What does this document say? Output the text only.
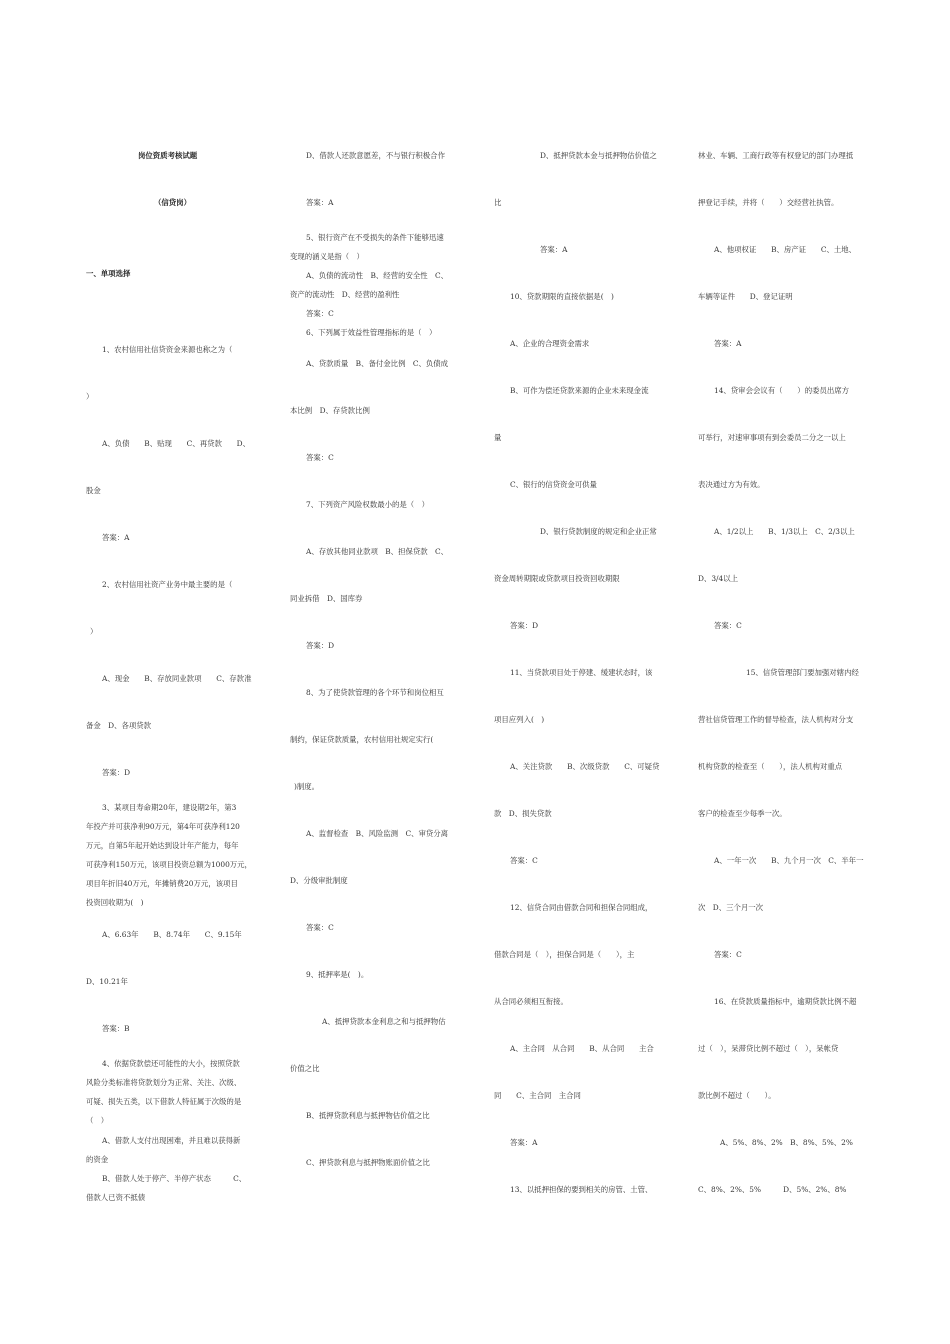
岗位资质考核试题
（信贷岗）
一、单项选择
1、农村信用社信贷资金来源也称之为（
）
A、负债　　B、贴现　　C、再贷款　　D、
股金
答案：A
2、农村信用社资产业务中最主要的是（
）
A、现金　　B、存放同业款项　　C、存款准
备金　D、各项贷款
答案：D
3、某项目寿命期20年，建设期2年，第3
年投产并可获净利90万元，第4年可获净利120
万元，自第5年起开始达到设计年产能力，每年
可获净利150万元，该项目投资总额为1000万元，
项目年折旧40万元，年摊销费20万元，该项目
投资回收期为(　)
A、6.63年　　B、8.74年　　C、9.15年
D、10.21年
答案：B
4、依据贷款偿还可能性的大小，按照贷款
风险分类标准将贷款划分为正常、关注、次级、
可疑、损失五类，以下借款人特征属于次级的是
（　）
A、借款人支付出现困难，并且难以获得新
的资金
B、借款人处于停产、半停产状态　　　C、
借款人已资不抵债
D、借款人还款意愿差，不与银行积极合作
答案：A
5、银行资产在不受损失的条件下能够迅速
变现的涵义是指（　）
A、负债的流动性　B、经营的安全性　C、
资产的流动性　D、经营的盈利性
答案：C
6、下列属于效益性管理指标的是（　）
A、贷款质量　B、备付金比例　C、负债成
本比例　D、存贷款比例
答案：C
7、下列资产风险权数最小的是（　）
A、存放其他同业款项　B、担保贷款　C、
同业拆借　D、国库券
答案：D
8、为了使贷款管理的各个环节和岗位相互
制约，保证贷款质量，农村信用社规定实行(
)制度。
A、监督检查　B、风险监测　C、审贷分离
D、分级审批制度
答案：C
9、抵押率是(　)。
A、抵押贷款本金利息之和与抵押物估
价值之比
B、抵押贷款利息与抵押物估价值之比
C、押贷款利息与抵押物账面价值之比
D、抵押贷款本金与抵押物估价值之
比
答案：A
10、贷款期限的直接依据是(　)
A、企业的合理资金需求
B、可作为偿还贷款来源的企业未来现金流
量
C、银行的信贷资金可供量
D、银行贷款制度的规定和企业正常
资金周转期限或贷款项目投资回收期限
答案：D
11、当贷款项目处于停建、缓建状态时，该
项目应列入(　)
A、关注贷款　　B、次级贷款　　C、可疑贷
款　D、损失贷款
答案：C
12、信贷合同由借款合同和担保合同组成，
借款合同是（　），担保合同是（　　），主
从合同必须相互衔接。
A、主合同　从合同　　B、从合同　　主合
同　　C、主合同　主合同
答案：A
13、以抵押担保的要到相关的房管、土管、
林业、车辆、工商行政等有权登记的部门办理抵
押登记手续，并将（　　）交经营社执管。
A、他项权证　　B、房产证　　C、土地、
车辆等证件　　D、登记证明
答案：A
14、贷审会会议有（　　）的委员出席方
可举行，对速审事项有到会委员二分之一以上
表决通过方为有效。
A、1/2以上　　B、1/3以上　C、2/3以上
D、3/4以上
答案：C
15、信贷管理部门要加强对辖内经
营社信贷管理工作的督导检查，法人机构对分支
机构贷款的检查至（　　），法人机构对重点
客户的检查至少每季一次。
A、一年一次　　B、九个月一次　C、半年一
次　D、三个月一次
答案：C
16、在贷款质量指标中，逾期贷款比例不超
过（　），呆滞贷比例不超过（　），呆帐贷
款比例不超过（　　）。
A、5%、8%、2%　B、8%、5%、2%
C、8%、2%、5%　　　D、5%、2%、8%
